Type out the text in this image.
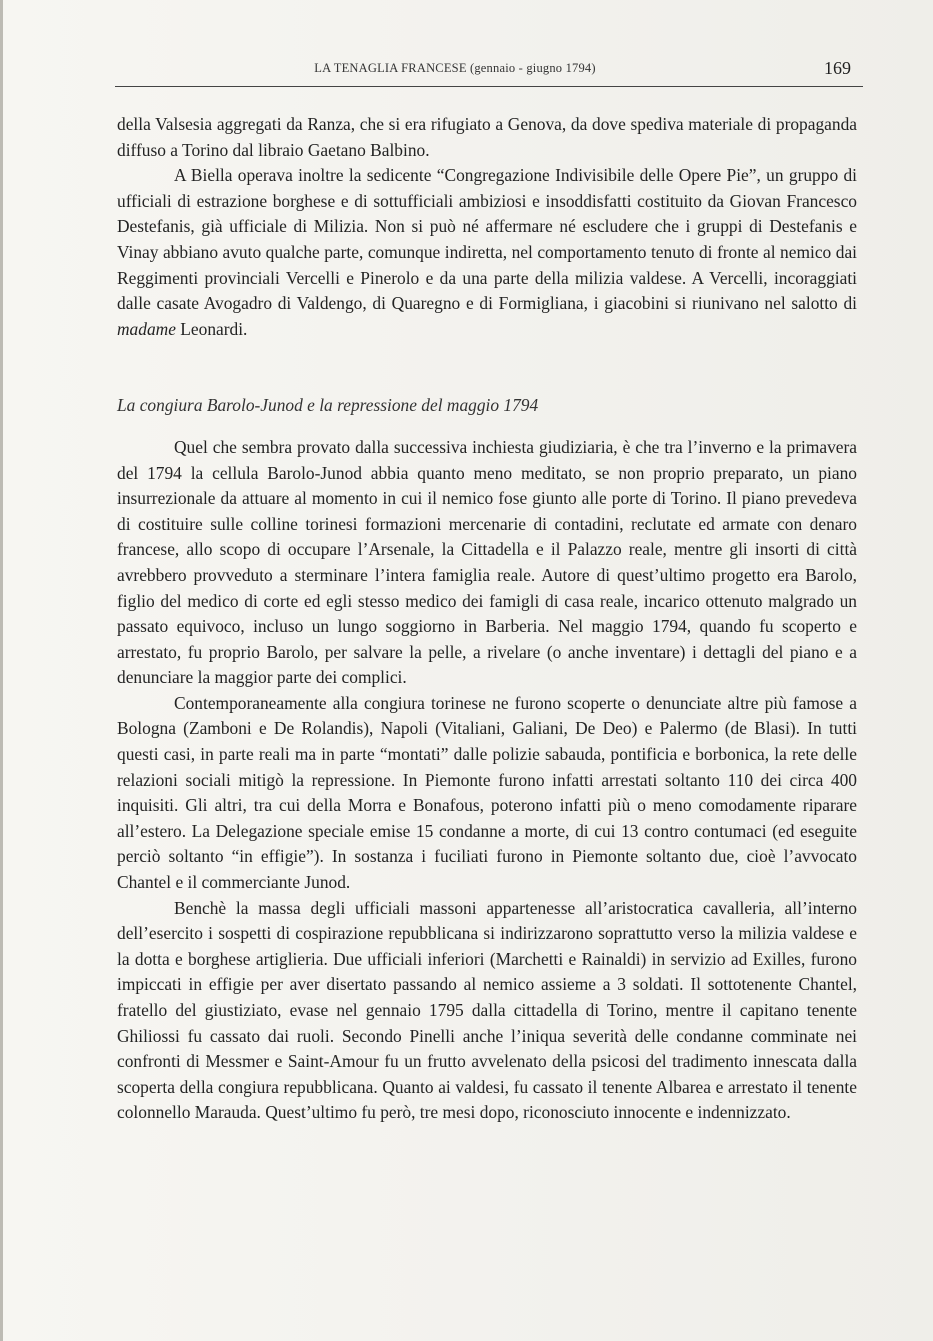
LA TENAGLIA FRANCESE (gennaio - giugno 1794)	169

della Valsesia aggregati da Ranza, che si era rifugiato a Genova, da dove spediva materiale di propaganda diffuso a Torino dal libraio Gaetano Balbino.

A Biella operava inoltre la sedicente “Congregazione Indivisibile delle Opere Pie”, un gruppo di ufficiali di estrazione borghese e di sottufficiali ambiziosi e insoddisfatti costituito da Giovan Francesco Destefanis, già ufficiale di Milizia. Non si può né affermare né escludere che i gruppi di Destefanis e Vinay abbiano avuto qualche parte, comunque indiretta, nel comportamento tenuto di fronte al nemico dai Reggimenti provinciali Vercelli e Pinerolo e da una parte della milizia valdese. A Vercelli, incoraggiati dalle casate Avogadro di Valdengo, di Quaregno e di Formigliana, i giacobini si riunivano nel salotto di madame Leonardi.

La congiura Barolo-Junod e la repressione del maggio 1794

Quel che sembra provato dalla successiva inchiesta giudiziaria, è che tra l’inverno e la primavera del 1794 la cellula Barolo-Junod abbia quanto meno meditato, se non proprio preparato, un piano insurrezionale da attuare al momento in cui il nemico fose giunto alle porte di Torino. Il piano prevedeva di costituire sulle colline torinesi formazioni mercenarie di contadini, reclutate ed armate con denaro francese, allo scopo di occupare l’Arsenale, la Cittadella e il Palazzo reale, mentre gli insorti di città avrebbero provveduto a sterminare l’intera famiglia reale. Autore di quest’ultimo progetto era Barolo, figlio del medico di corte ed egli stesso medico dei famigli di casa reale, incarico ottenuto malgrado un passato equivoco, incluso un lungo soggiorno in Barberia. Nel maggio 1794, quando fu scoperto e arrestato, fu proprio Barolo, per salvare la pelle, a rivelare (o anche inventare) i dettagli del piano e a denunciare la maggior parte dei complici.

Contemporaneamente alla congiura torinese ne furono scoperte o denunciate altre più famose a Bologna (Zamboni e De Rolandis), Napoli (Vitaliani, Galiani, De Deo) e Palermo (de Blasi). In tutti questi casi, in parte reali ma in parte “montati” dalle polizie sabauda, pontificia e borbonica, la rete delle relazioni sociali mitigò la repressione. In Piemonte furono infatti arrestati soltanto 110 dei circa 400 inquisiti. Gli altri, tra cui della Morra e Bonafous, poterono infatti più o meno comodamente riparare all’estero. La Delegazione speciale emise 15 condanne a morte, di cui 13 contro contumaci (ed eseguite perciò soltanto “in effigie”). In sostanza i fuciliati furono in Piemonte soltanto due, cioè l’avvocato Chantel e il commerciante Junod.

Benchè la massa degli ufficiali massoni appartenesse all’aristocratica cavalleria, all’interno dell’esercito i sospetti di cospirazione repubblicana si indirizzarono soprattutto verso la milizia valdese e la dotta e borghese artiglieria. Due ufficiali inferiori (Marchetti e Rainaldi) in servizio ad Exilles, furono impiccati in effigie per aver disertato passando al nemico assieme a 3 soldati. Il sottotenente Chantel, fratello del giustiziato, evase nel gennaio 1795 dalla cittadella di Torino, mentre il capitano tenente Ghiliossi fu cassato dai ruoli. Secondo Pinelli anche l’iniqua severità delle condanne comminate nei confronti di Messmer e Saint-Amour fu un frutto avvelenato della psicosi del tradimento innescata dalla scoperta della congiura repubblicana. Quanto ai valdesi, fu cassato il tenente Albarea e arrestato il tenente colonnello Marauda. Quest’ultimo fu però, tre mesi dopo, riconosciuto innocente e indennizzato.
